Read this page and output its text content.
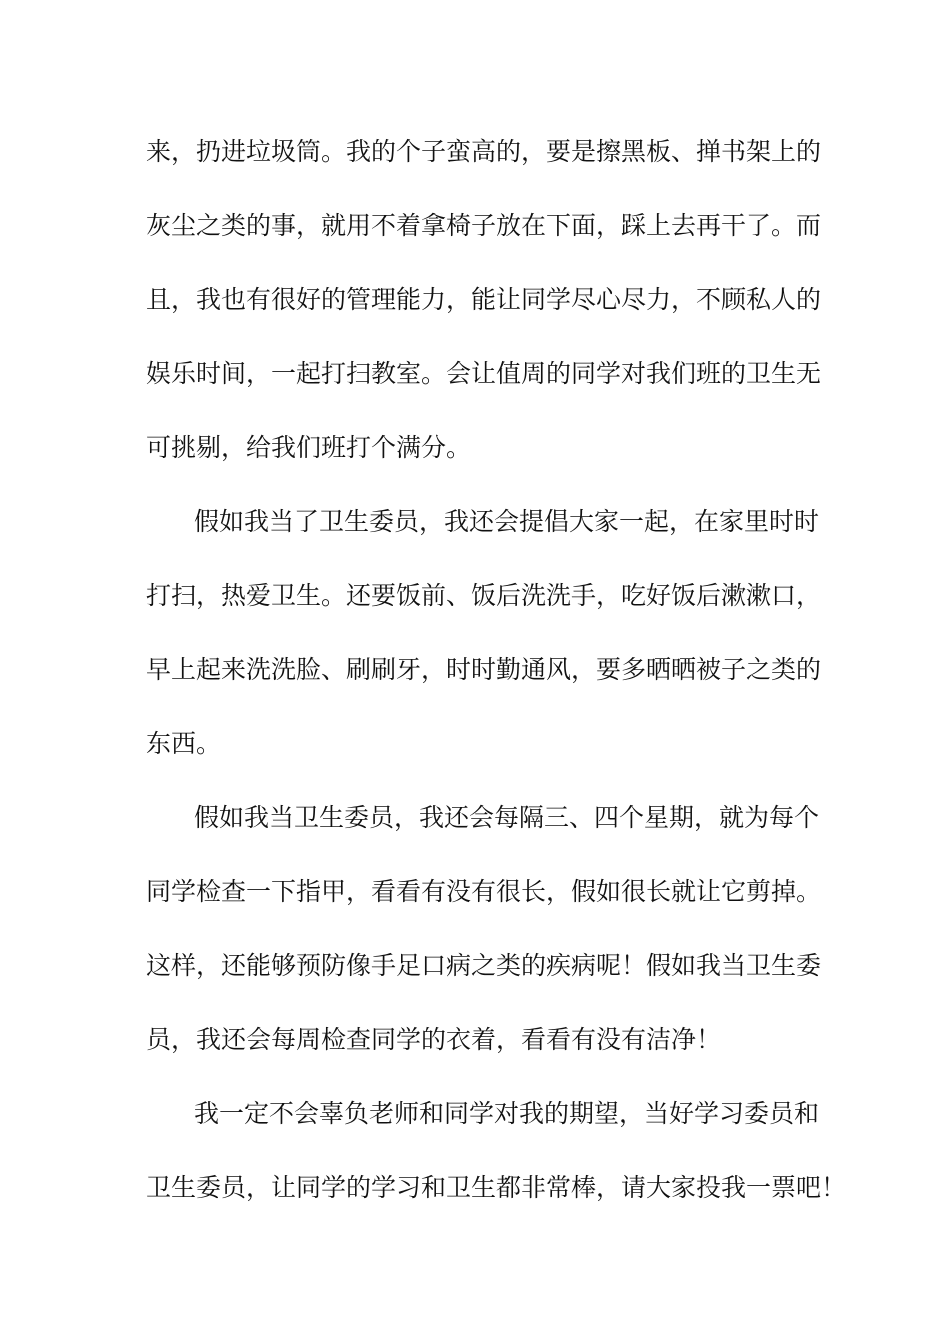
来，扔进垃圾筒。我的个子蛮高的，要是擦黑板、掸书架上的
灰尘之类的事，就用不着拿椅子放在下面，踩上去再干了。而
且，我也有很好的管理能力，能让同学尽心尽力，不顾私人的
娱乐时间，一起打扫教室。会让值周的同学对我们班的卫生无
可挑剔，给我们班打个满分。
假如我当了卫生委员，我还会提倡大家一起，在家里时时
打扫，热爱卫生。还要饭前、饭后洗洗手，吃好饭后漱漱口，
早上起来洗洗脸、刷刷牙，时时勤通风，要多晒晒被子之类的
东西。
假如我当卫生委员，我还会每隔三、四个星期，就为每个
同学检查一下指甲，看看有没有很长，假如很长就让它剪掉。
这样，还能够预防像手足口病之类的疾病呢！假如我当卫生委
员，我还会每周检查同学的衣着，看看有没有洁净！
我一定不会辜负老师和同学对我的期望，当好学习委员和
卫生委员，让同学的学习和卫生都非常棒，请大家投我一票吧！
